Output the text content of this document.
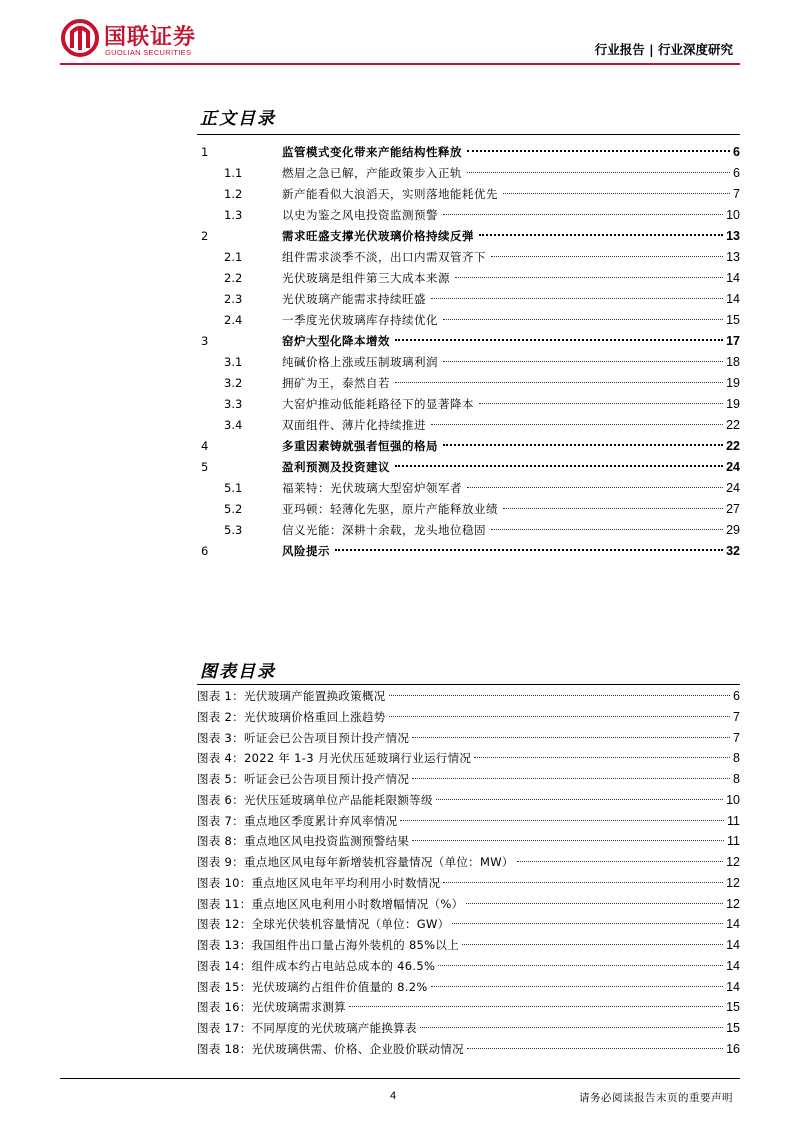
国联证券
GUOLIAN SECURITIES	行业报告 | 行业深度研究
正文目录
1	监管模式变化带来产能结构性释放	6
1.1	燃眉之急已解，产能政策步入正轨	6
1.2	新产能看似大浪滔天，实则落地能耗优先	7
1.3	以史为鉴之风电投资监测预警	10
2	需求旺盛支撑光伏玻璃价格持续反弹	13
2.1	组件需求淡季不淡，出口内需双管齐下	13
2.2	光伏玻璃是组件第三大成本来源	14
2.3	光伏玻璃产能需求持续旺盛	14
2.4	一季度光伏玻璃库存持续优化	15
3	窑炉大型化降本增效	17
3.1	纯碱价格上涨或压制玻璃利润	18
3.2	拥矿为王，泰然自若	19
3.3	大窑炉推动低能耗路径下的显著降本	19
3.4	双面组件、薄片化持续推进	22
4	多重因素铸就强者恒强的格局	22
5	盈利预测及投资建议	24
5.1	福莱特：光伏玻璃大型窑炉领军者	24
5.2	亚玛顿：轻薄化先驱，原片产能释放业绩	27
5.3	信义光能：深耕十余载，龙头地位稳固	29
6	风险提示	32
图表目录
图表 1：光伏玻璃产能置换政策概况	6
图表 2：光伏玻璃价格重回上涨趋势	7
图表 3：听证会已公告项目预计投产情况	7
图表 4：2022 年 1-3 月光伏压延玻璃行业运行情况	8
图表 5：听证会已公告项目预计投产情况	8
图表 6：光伏压延玻璃单位产品能耗限额等级	10
图表 7：重点地区季度累计弃风率情况	11
图表 8：重点地区风电投资监测预警结果	11
图表 9：重点地区风电每年新增装机容量情况（单位：MW）	12
图表 10：重点地区风电年平均利用小时数情况	12
图表 11：重点地区风电利用小时数增幅情况（%）	12
图表 12：全球光伏装机容量情况（单位：GW）	14
图表 13：我国组件出口量占海外装机的 85%以上	14
图表 14：组件成本约占电站总成本的 46.5%	14
图表 15：光伏玻璃约占组件价值量的 8.2%	14
图表 16：光伏玻璃需求测算	15
图表 17：不同厚度的光伏玻璃产能换算表	15
图表 18：光伏玻璃供需、价格、企业股价联动情况	16
4	请务必阅读报告末页的重要声明
